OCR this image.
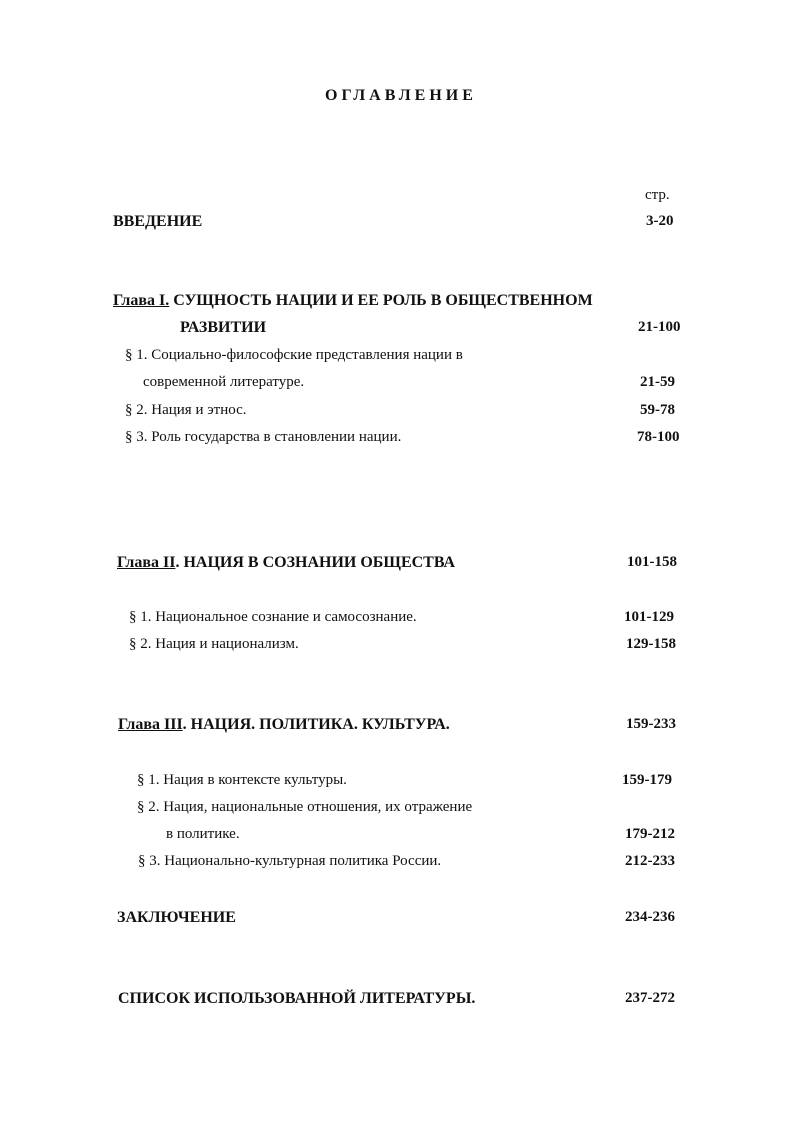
ОГЛАВЛЕНИЕ
стр.
ВВЕДЕНИЕ	3-20
Глава I. СУЩНОСТЬ НАЦИИ И ЕЕ РОЛЬ В ОБЩЕСТВЕННОМ
РАЗВИТИИ	21-100
§ 1. Социально-философские представления нации в
современной литературе.	21-59
§ 2. Нация и этнос.	59-78
§ 3. Роль государства в становлении нации.	78-100
Глава II. НАЦИЯ В СОЗНАНИИ ОБЩЕСТВА	101-158
§ 1. Национальное сознание и самосознание.	101-129
§ 2. Нация и национализм.	129-158
Глава III. НАЦИЯ. ПОЛИТИКА. КУЛЬТУРА.	159-233
§ 1. Нация в контексте культуры.	159-179
§ 2. Нация, национальные отношения, их отражение
в политике.	179-212
§ 3. Национально-культурная политика России.	212-233
ЗАКЛЮЧЕНИЕ	234-236
СПИСОК ИСПОЛЬЗОВАННОЙ ЛИТЕРАТУРЫ.	237-272
